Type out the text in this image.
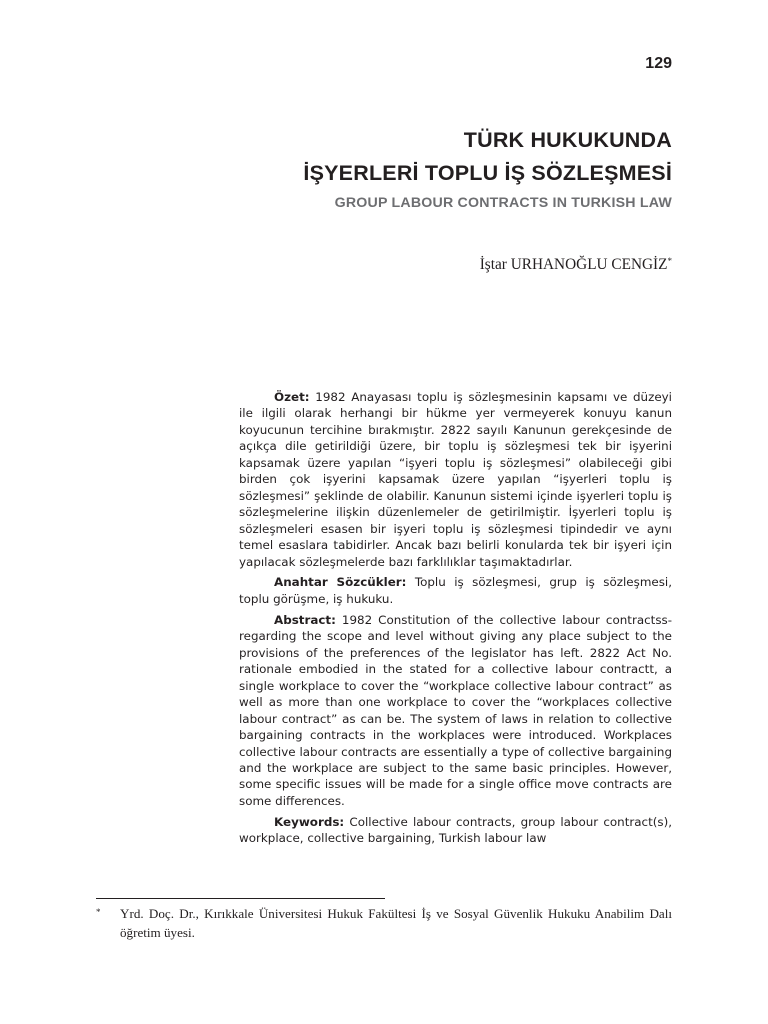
129
TÜRK HUKUKUNDA
İŞYERLERİ TOPLU İŞ SÖZLEŞMESİ
GROUP LABOUR CONTRACTS IN TURKISH LAW
İştar URHANOĞLU CENGİZ*

Özet: 1982 Anayasası toplu iş sözleşmesinin kapsamı ve düzeyi ile ilgili olarak herhangi bir hükme yer vermeyerek konuyu kanun koyucunun tercihine bırakmıştır. 2822 sayılı Kanunun gerekçesinde de açıkça dile getirildiği üzere, bir toplu iş sözleşmesi tek bir işyerini kapsamak üzere yapılan “işyeri toplu iş sözleşmesi” olabileceği gibi birden çok işyerini kapsamak üzere yapılan “işyerleri toplu iş sözleşmesi” şeklinde de olabilir. Kanunun sistemi içinde işyerleri toplu iş sözleşmelerine ilişkin düzenlemeler de getirilmiştir. İşyerleri toplu iş sözleşmeleri esasen bir işyeri toplu iş sözleşmesi tipindedir ve aynı temel esaslara tabidirler. Ancak bazı belirli konularda tek bir işyeri için yapılacak sözleşmelerde bazı farklılıklar taşımaktadırlar.

Anahtar Sözcükler: Toplu iş sözleşmesi, grup iş sözleşmesi, toplu görüşme, iş hukuku.

Abstract: 1982 Constitution of the collective labour contractss-regarding the scope and level without giving any place subject to the provisions of the preferences of the legislator has left. 2822 Act No. rationale embodied in the stated for a collective labour contractt, a single workplace to cover the “workplace collective labour contract” as well as more than one workplace to cover the “workplaces collective labour contract” as can be. The system of laws in relation to collective bargaining contracts in the workplaces were introduced. Workplaces collective labour contracts are essentially a type of collective bargaining and the workplace are subject to the same basic principles. However, some specific issues will be made for a single office move contracts are some differences.

Keywords: Collective labour contracts, group labour contract(s), workplace, collective bargaining, Turkish labour law

* Yrd. Doç. Dr., Kırıkkale Üniversitesi Hukuk Fakültesi İş ve Sosyal Güvenlik Hukuku Anabilim Dalı öğretim üyesi.
